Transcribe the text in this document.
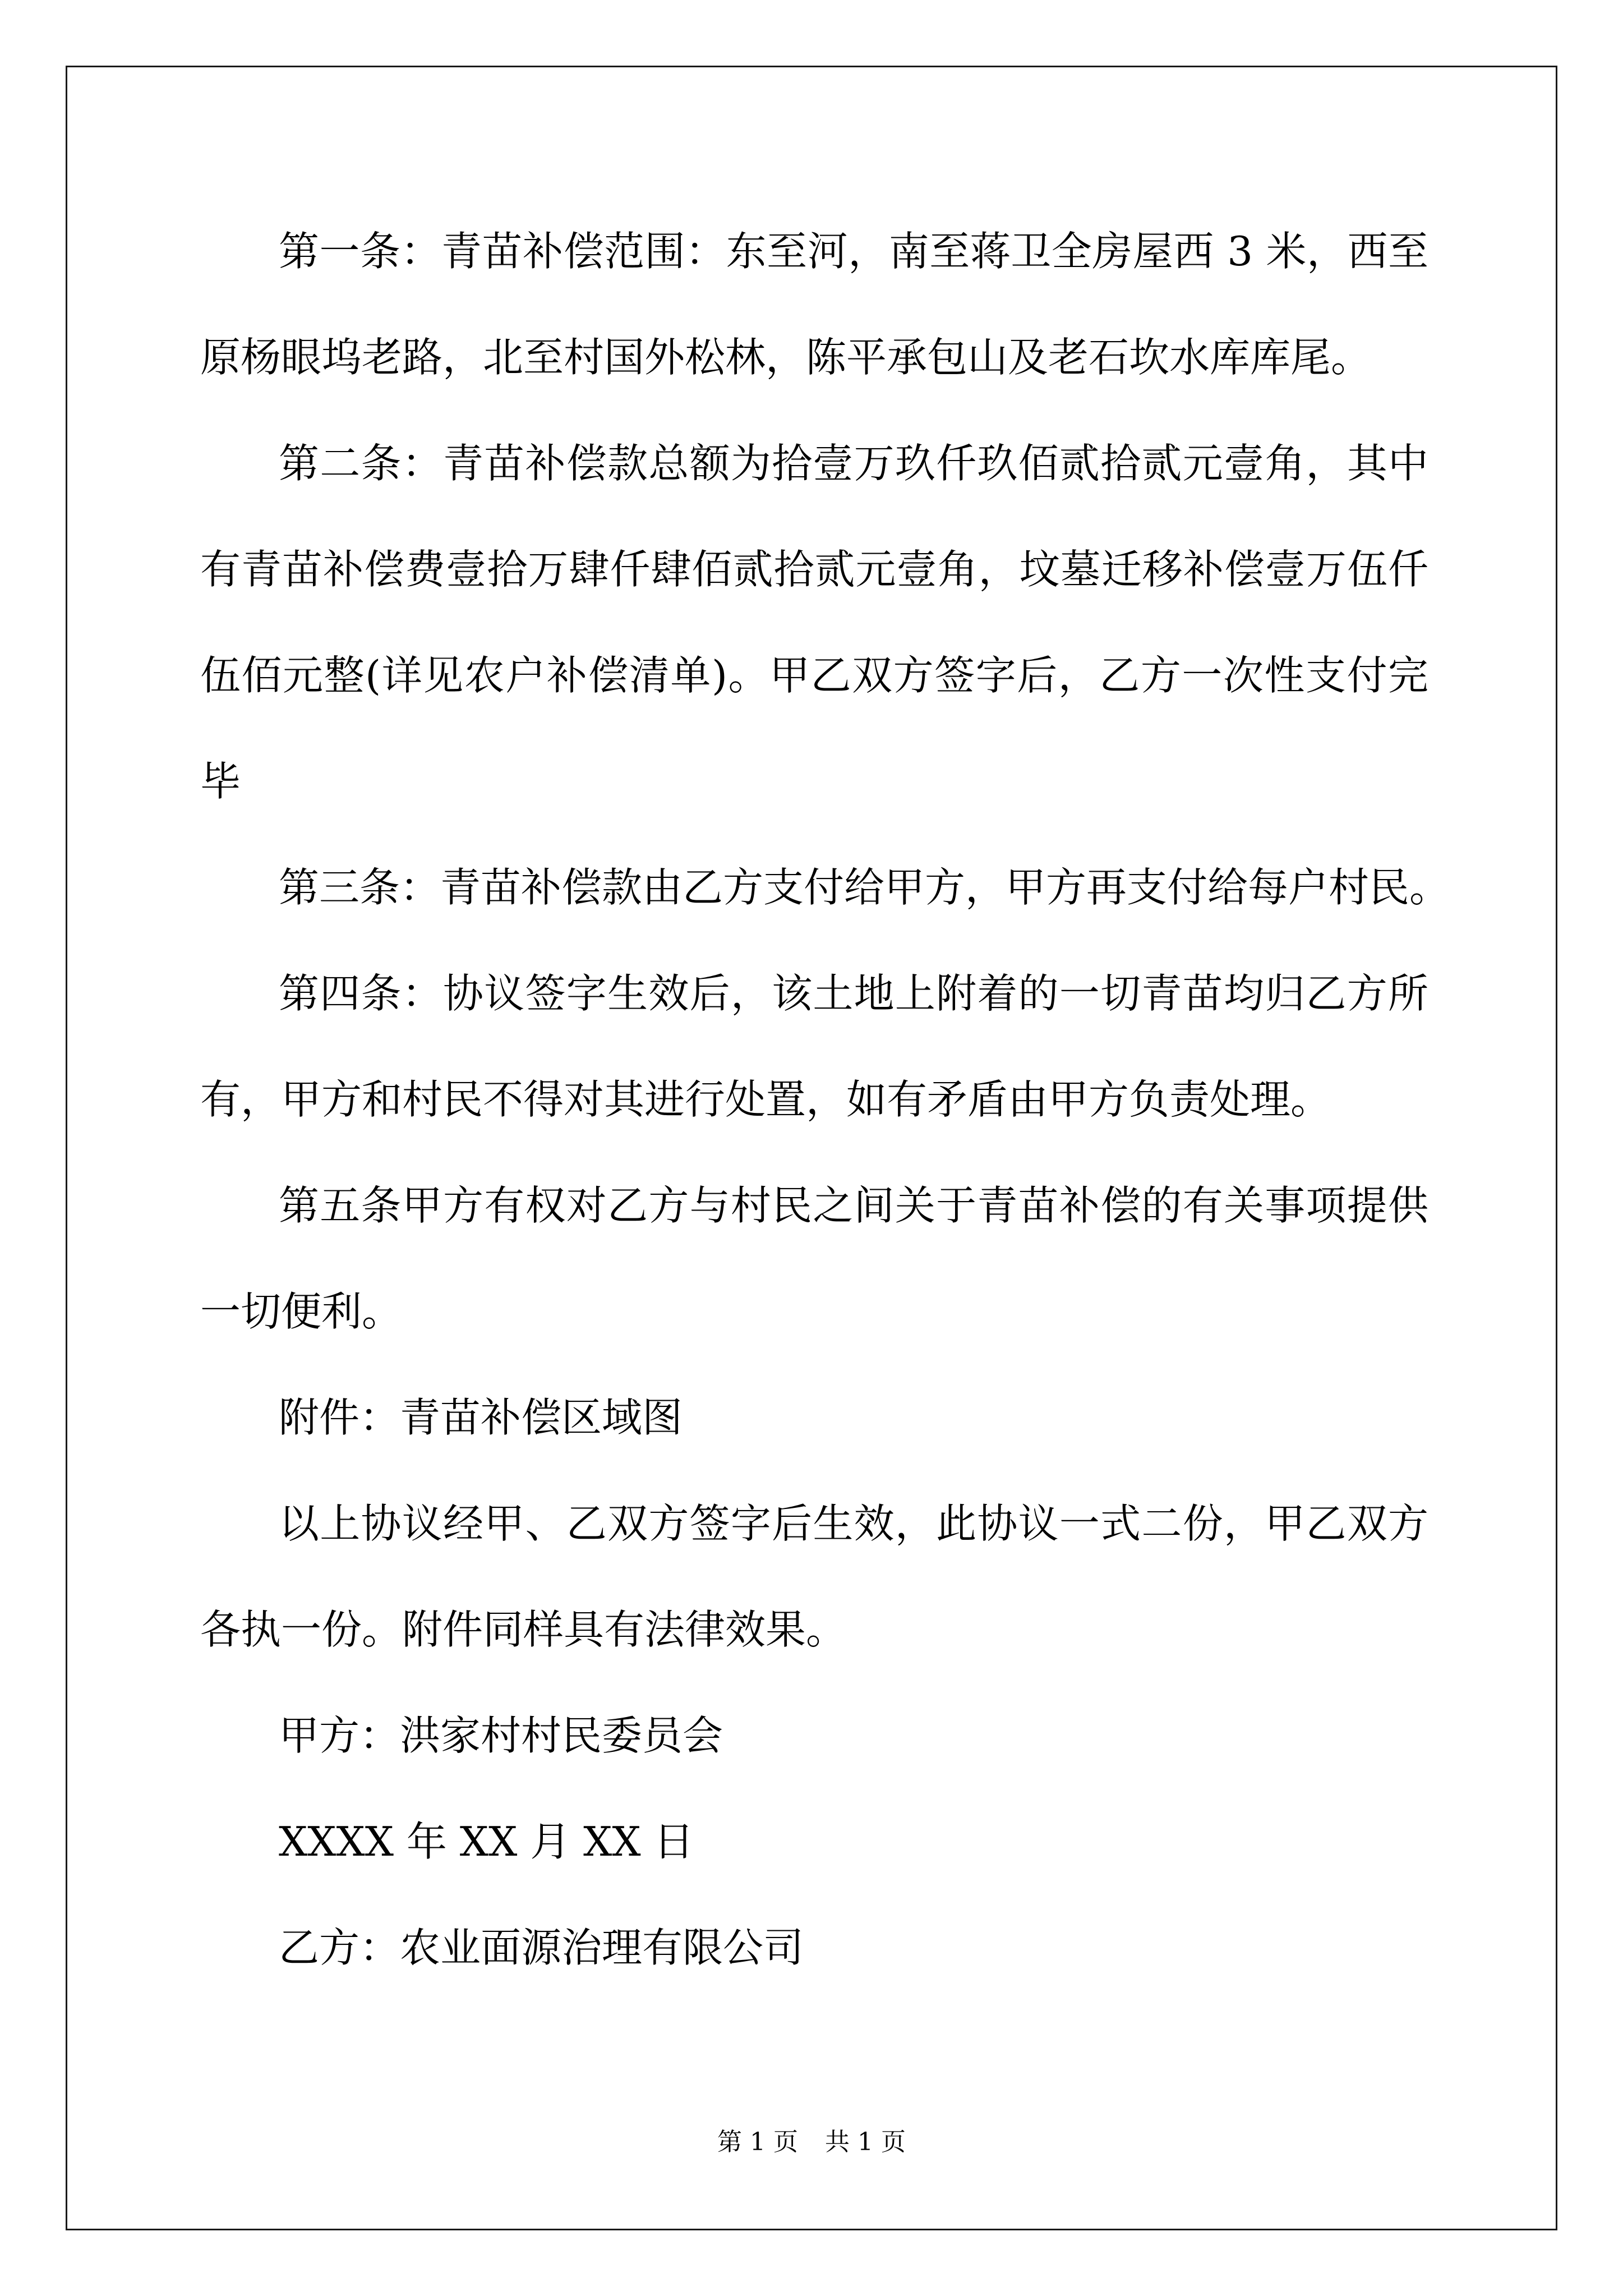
第一条：青苗补偿范围：东至河，南至蒋卫全房屋西 3 米，西至
原杨眼坞老路，北至村国外松林，陈平承包山及老石坎水库库尾。
第二条：青苗补偿款总额为拾壹万玖仟玖佰贰拾贰元壹角，其中
有青苗补偿费壹拾万肆仟肆佰贰拾贰元壹角，坟墓迁移补偿壹万伍仟
伍佰元整(详见农户补偿清单)。甲乙双方签字后，乙方一次性支付完
毕
第三条：青苗补偿款由乙方支付给甲方，甲方再支付给每户村民。
第四条：协议签字生效后，该土地上附着的一切青苗均归乙方所
有，甲方和村民不得对其进行处置，如有矛盾由甲方负责处理。
第五条甲方有权对乙方与村民之间关于青苗补偿的有关事项提供
一切便利。
附件：青苗补偿区域图
以上协议经甲、乙双方签字后生效，此协议一式二份，甲乙双方
各执一份。附件同样具有法律效果。
甲方：洪家村村民委员会
XXXX 年 XX 月 XX 日
乙方：农业面源治理有限公司
第 1 页 共 1 页
